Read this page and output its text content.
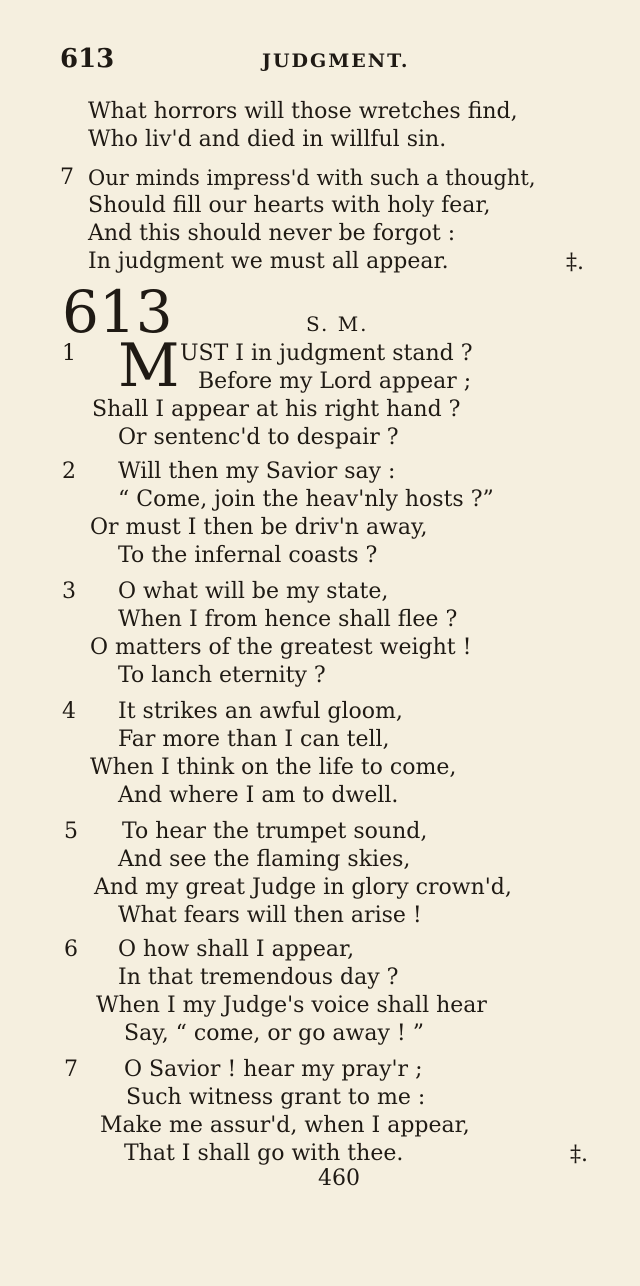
613	JUDGMENT.
What horrors will those wretches find,
Who liv'd and died in willful sin.
7 Our minds impress'd with such a thought,
Should fill our hearts with holy fear,
And this should never be forgot :
In judgment we must all appear.	‡.
613	S. M.
1 M UST I in judgment stand ?
Before my Lord appear ;
Shall I appear at his right hand ?
Or sentenc'd to despair ?
2 Will then my Savior say :
“ Come, join the heav'nly hosts ?”
Or must I then be driv'n away,
To the infernal coasts ?
3 O what will be my state,
When I from hence shall flee ?
O matters of the greatest weight !
To lanch eternity ?
4 It strikes an awful gloom,
Far more than I can tell,
When I think on the life to come,
And where I am to dwell.
5 To hear the trumpet sound,
And see the flaming skies,
And my great Judge in glory crown'd,
What fears will then arise !
6 O how shall I appear,
In that tremendous day ?
When I my Judge's voice shall hear
Say, “ come, or go away ! ”
7 O Savior ! hear my pray'r ;
Such witness grant to me :
Make me assur'd, when I appear,
That I shall go with thee.	‡.
460
